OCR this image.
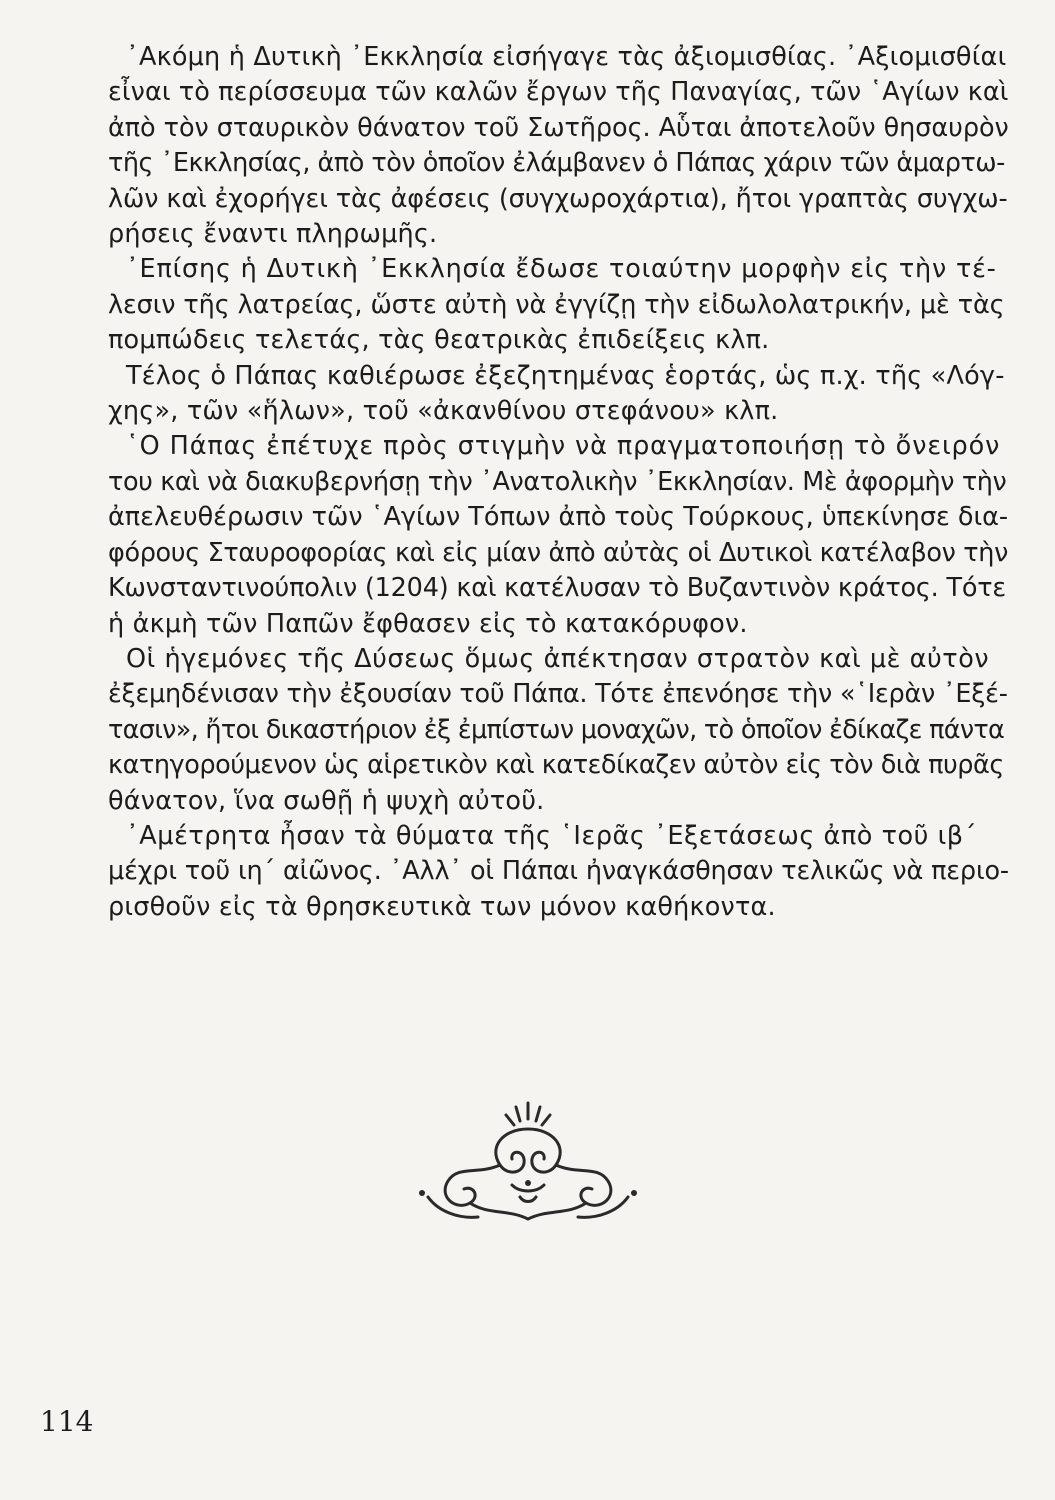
᾿Ακόμη ἡ Δυτικὴ ᾿Εκκλησία εἰσήγαγε τὰς ἀξιομισθίας. ᾿Αξιομισθίαι
εἶναι τὸ περίσσευμα τῶν καλῶν ἔργων τῆς Παναγίας, τῶν ῾Αγίων καὶ
ἀπὸ τὸν σταυρικὸν θάνατον τοῦ Σωτῆρος. Αὗται ἀποτελοῦν θησαυρὸν
τῆς ᾿Εκκλησίας, ἀπὸ τὸν ὁποῖον ἐλάμβανεν ὁ Πάπας χάριν τῶν ἁμαρτω-
λῶν καὶ ἐχορήγει τὰς ἀφέσεις (συγχωροχάρτια), ἤτοι γραπτὰς συγχω-
ρήσεις ἔναντι πληρωμῆς.

᾿Επίσης ἡ Δυτικὴ ᾿Εκκλησία ἔδωσε τοιαύτην μορφὴν εἰς τὴν τέ-
λεσιν τῆς λατρείας, ὥστε αὐτὴ νὰ ἐγγίζῃ τὴν εἰδωλολατρικήν, μὲ τὰς
πομπώδεις τελετάς, τὰς θεατρικὰς ἐπιδείξεις κλπ.

Τέλος ὁ Πάπας καθιέρωσε ἐξεζητημένας ἑορτάς, ὡς π.χ. τῆς «Λόγ-
χης», τῶν «ἥλων», τοῦ «ἀκανθίνου στεφάνου» κλπ.

῾Ο Πάπας ἐπέτυχε πρὸς στιγμὴν νὰ πραγματοποιήσῃ τὸ ὄνειρόν
του καὶ νὰ διακυβερνήσῃ τὴν ᾿Ανατολικὴν ᾿Εκκλησίαν. Μὲ ἀφορμὴν τὴν
ἀπελευθέρωσιν τῶν ῾Αγίων Τόπων ἀπὸ τοὺς Τούρκους, ὑπεκίνησε δια-
φόρους Σταυροφορίας καὶ εἰς μίαν ἀπὸ αὐτὰς οἱ Δυτικοὶ κατέλαβον τὴν
Κωνσταντινούπολιν (1204) καὶ κατέλυσαν τὸ Βυζαντινὸν κράτος. Τότε
ἡ ἀκμὴ τῶν Παπῶν ἔφθασεν εἰς τὸ κατακόρυφον.

Οἱ ἡγεμόνες τῆς Δύσεως ὅμως ἀπέκτησαν στρατὸν καὶ μὲ αὐτὸν
ἐξεμηδένισαν τὴν ἐξουσίαν τοῦ Πάπα. Τότε ἐπενόησε τὴν «῾Ιερὰν ᾿Εξέ-
τασιν», ἤτοι δικαστήριον ἐξ ἐμπίστων μοναχῶν, τὸ ὁποῖον ἐδίκαζε πάντα
κατηγορούμενον ὡς αἱρετικὸν καὶ κατεδίκαζεν αὐτὸν εἰς τὸν διὰ πυρᾶς
θάνατον, ἵνα σωθῇ ἡ ψυχὴ αὐτοῦ.

᾿Αμέτρητα ἦσαν τὰ θύματα τῆς ῾Ιερᾶς ᾿Εξετάσεως ἀπὸ τοῦ ιβ´
μέχρι τοῦ ιη´ αἰῶνος. ᾿Αλλ᾿ οἱ Πάπαι ἠναγκάσθησαν τελικῶς νὰ περιο-
ρισθοῦν εἰς τὰ θρησκευτικὰ των μόνον καθήκοντα.

114
